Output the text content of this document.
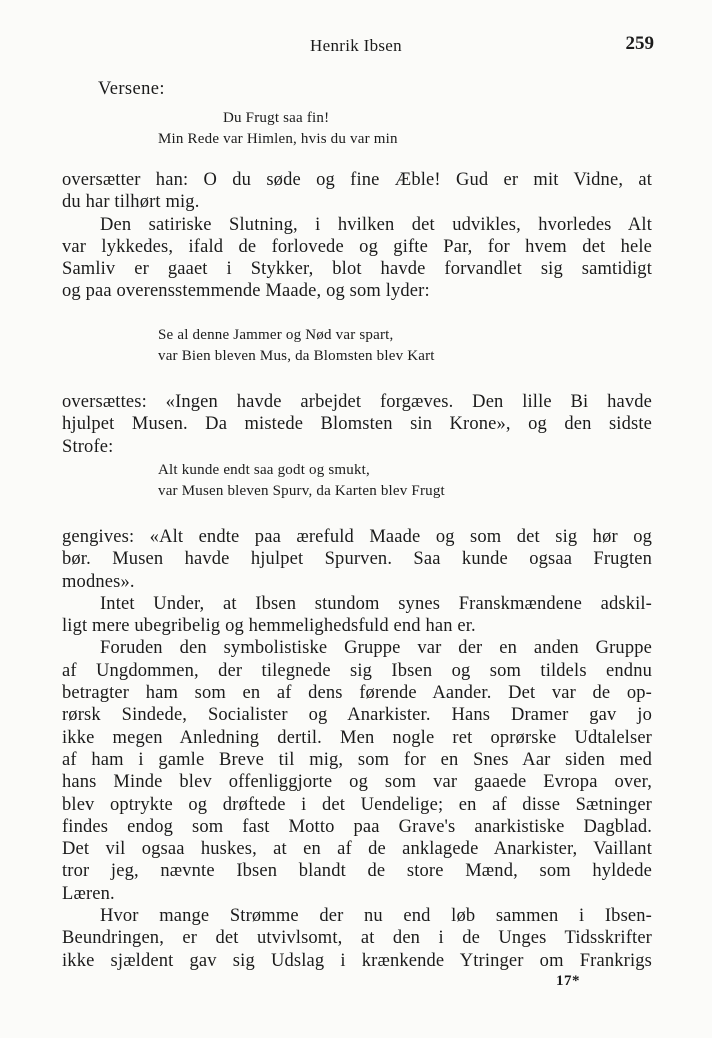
Henrik Ibsen	259
Versene:
Du Frugt saa fin!
Min Rede var Himlen, hvis du var min
oversætter han: O du søde og fine Æble! Gud er mit Vidne, at
du har tilhørt mig.
Den satiriske Slutning, i hvilken det udvikles, hvorledes Alt
var lykkedes, ifald de forlovede og gifte Par, for hvem det hele
Samliv er gaaet i Stykker, blot havde forvandlet sig samtidigt
og paa overensstemmende Maade, og som lyder:
Se al denne Jammer og Nød var spart,
var Bien bleven Mus, da Blomsten blev Kart
oversættes: «Ingen havde arbejdet forgæves. Den lille Bi havde
hjulpet Musen. Da mistede Blomsten sin Krone», og den sidste
Strofe:
Alt kunde endt saa godt og smukt,
var Musen bleven Spurv, da Karten blev Frugt
gengives: «Alt endte paa ærefuld Maade og som det sig hør og
bør. Musen havde hjulpet Spurven. Saa kunde ogsaa Frugten
modnes».
Intet Under, at Ibsen stundom synes Franskmændene adskil-
ligt mere ubegribelig og hemmelighedsfuld end han er.
Foruden den symbolistiske Gruppe var der en anden Gruppe
af Ungdommen, der tilegnede sig Ibsen og som tildels endnu
betragter ham som en af dens førende Aander. Det var de op-
rørsk Sindede, Socialister og Anarkister. Hans Dramer gav jo
ikke megen Anledning dertil. Men nogle ret oprørske Udtalelser
af ham i gamle Breve til mig, som for en Snes Aar siden med
hans Minde blev offenliggjorte og som var gaaede Evropa over,
blev optrykte og drøftede i det Uendelige; en af disse Sætninger
findes endog som fast Motto paa Grave's anarkistiske Dagblad.
Det vil ogsaa huskes, at en af de anklagede Anarkister, Vaillant
tror jeg, nævnte Ibsen blandt de store Mænd, som hyldede
Læren.
Hvor mange Strømme der nu end løb sammen i Ibsen-
Beundringen, er det utvivlsomt, at den i de Unges Tidsskrifter
ikke sjældent gav sig Udslag i krænkende Ytringer om Frankrigs
17*
